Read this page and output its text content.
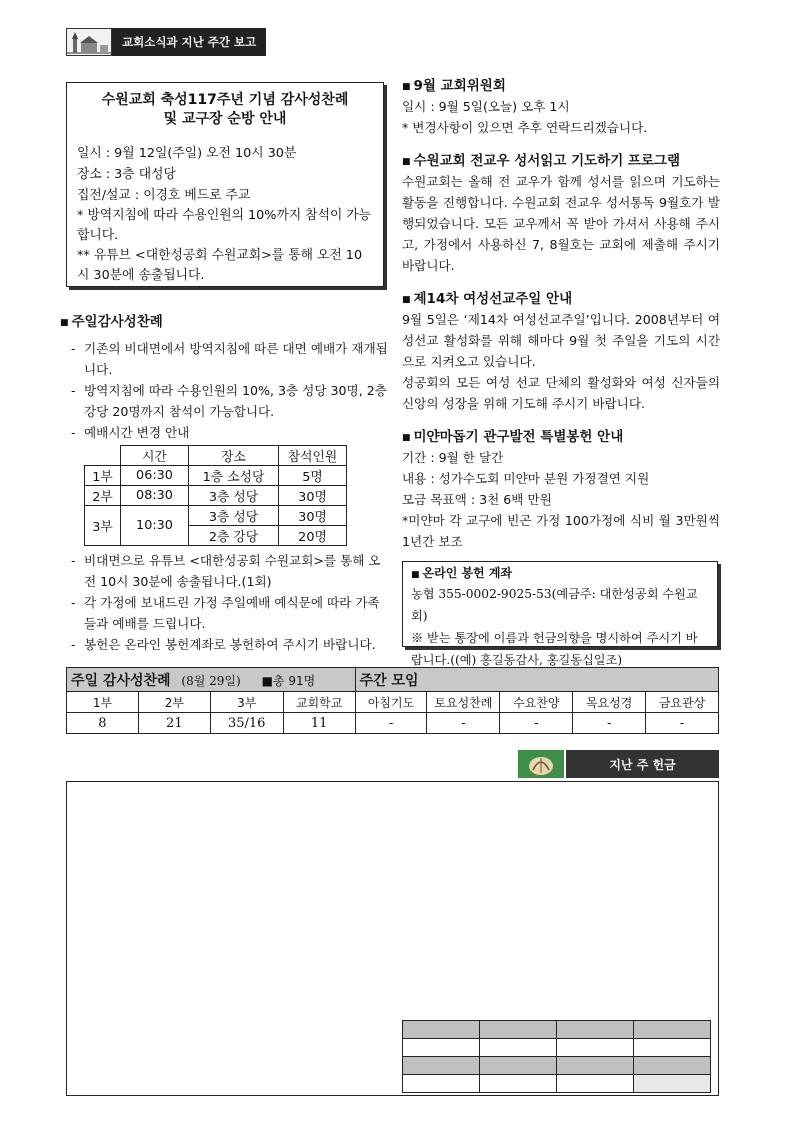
교회소식과 지난 주간 보고
수원교회 축성117주년 기념 감사성찬례
및 교구장 순방 안내
일시 : 9월 12일(주일) 오전 10시 30분
장소 : 3층 대성당
집전/설교 : 이경호 베드로 주교
* 방역지침에 따라 수용인원의 10%까지 참석이 가능합니다.
** 유튜브 <대한성공회 수원교회>를 통해 오전 10시 30분에 송출됩니다.
■ 주일감사성찬례
- 기존의 비대면에서 방역지침에 따른 대면 예배가 재개됩니다.
- 방역지침에 따라 수용인원의 10%, 3층 성당 30명, 2층 강당 20명까지 참석이 가능합니다.
- 예배시간 변경 안내
	시간	장소	참석인원
1부	06:30	1층 소성당	5명
2부	08:30	3층 성당	30명
3부	10:30	3층 성당	30명
		2층 강당	20명
- 비대면으로 유튜브 <대한성공회 수원교회>를 통해 오전 10시 30분에 송출됩니다.(1회)
- 각 가정에 보내드린 가정 주일예배 예식문에 따라 가족들과 예배를 드립니다.
- 봉헌은 온라인 봉헌계좌로 봉헌하여 주시기 바랍니다.
■ 9월 교회위원회
일시 : 9월 5일(오늘) 오후 1시
* 변경사항이 있으면 추후 연락드리겠습니다.
■ 수원교회 전교우 성서읽고 기도하기 프로그램
수원교회는 올해 전 교우가 함께 성서를 읽으며 기도하는 활동을 진행합니다. 수원교회 전교우 성서통독 9월호가 발행되었습니다. 모든 교우께서 꼭 받아 가셔서 사용해 주시고, 가정에서 사용하신 7, 8월호는 교회에 제출해 주시기 바랍니다.
■ 제14차 여성선교주일 안내
9월 5일은 ‘제14차 여성선교주일’입니다. 2008년부터 여성선교 활성화를 위해 해마다 9월 첫 주일을 기도의 시간으로 지켜오고 있습니다.
성공회의 모든 여성 선교 단체의 활성화와 여성 신자들의 신앙의 성장을 위해 기도해 주시기 바랍니다.
■ 미얀마돕기 관구발전 특별봉헌 안내
기간 : 9월 한 달간
내용 : 성가수도회 미얀마 분원 가정결연 지원
모금 목표액 : 3천 6백 만원
*미얀마 각 교구에 빈곤 가정 100가정에 식비 월 3만원씩 1년간 보조
■ 온라인 봉헌 계좌
농협 355-0002-9025-53(예금주: 대한성공회 수원교회)
※ 받는 통장에 이름과 헌금의향을 명시하여 주시기 바랍니다.((예) 홍길동감사, 홍길동십일조)
주일 감사성찬례 (8월 29일) ■총 91명				주간 모임				
1부	2부	3부	교회학교	아침기도	토요성찬례	수요찬양	목요성경	금요관상
8	21	35/16	11	-	-	-	-	-
지난 주 헌금
